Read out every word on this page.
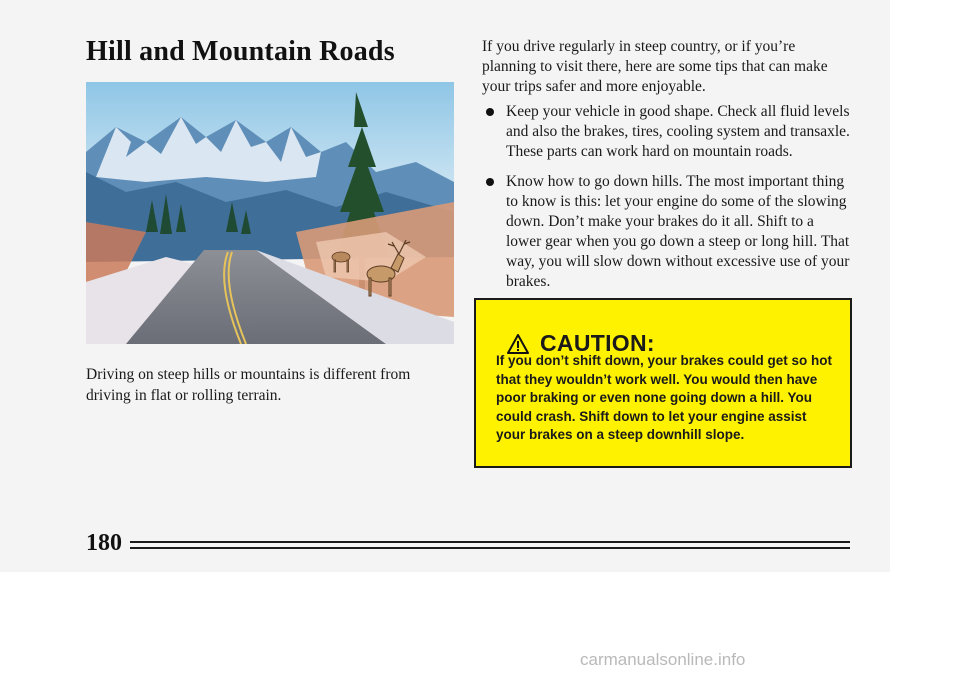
Hill and Mountain Roads

Driving on steep hills or mountains is different from driving in flat or rolling terrain.

If you drive regularly in steep country, or if you’re planning to visit there, here are some tips that can make your trips safer and more enjoyable.

Keep your vehicle in good shape. Check all fluid levels and also the brakes, tires, cooling system and transaxle. These parts can work hard on mountain roads.
Know how to go down hills. The most important thing to know is this: let your engine do some of the slowing down. Don’t make your brakes do it all. Shift to a lower gear when you go down a steep or long hill. That way, you will slow down without excessive use of your brakes.
CAUTION:

If you don’t shift down, your brakes could get so hot that they wouldn’t work well. You would then have poor braking or even none going down a hill. You could crash. Shift down to let your engine assist your brakes on a steep downhill slope.

180
carmanualsonline.info
